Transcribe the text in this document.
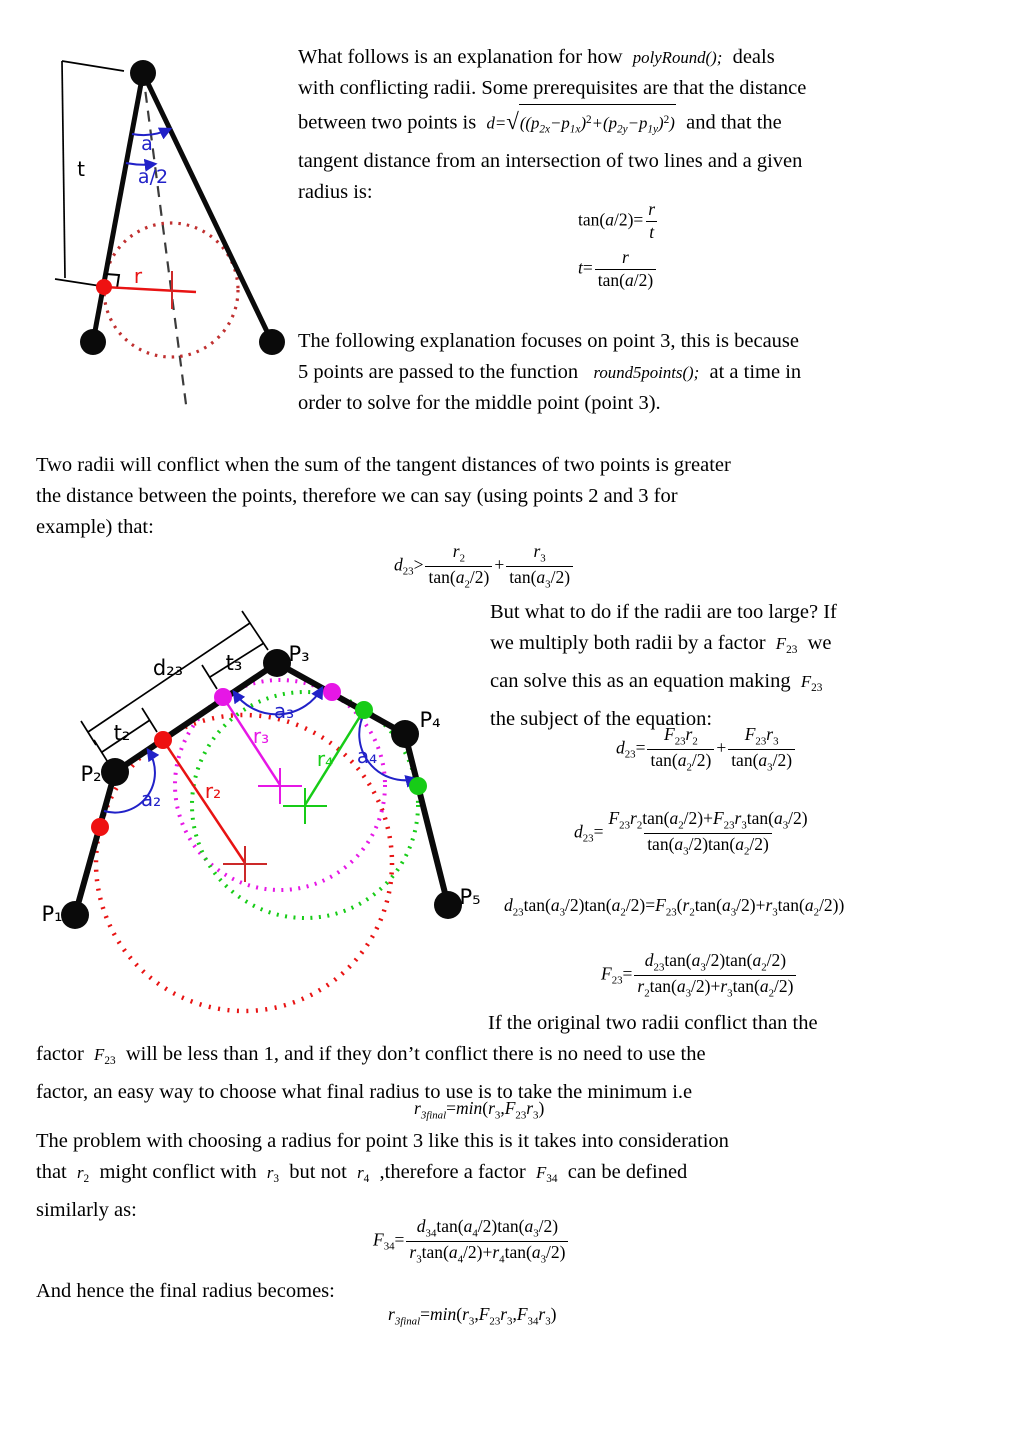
t
a
a/2
r
What follows is an explanation for how  polyRound();  deals
with conflicting radii. Some prerequisites are that the distance
between two points is  $d=√((p2x-p1x)^2+(p2y-p1y)^2)$  and that the
tangent distance from an intersection of two lines and a given
radius is:
$\tan(a/2)= \frac{r}{t}$
$t= \frac{r}{\tan(a/2)}$
The following explanation focuses on point 3, this is because
5 points are passed to the function   round5points();  at a time in
order to solve for the middle point (point 3).
Two radii will conflict when the sum of the tangent distances of two points is greater
the distance between the points, therefore we can say (using points 2 and 3 for
example) that:
$d_{23}> \frac{r_2}{\tan(a_2/2)} + \frac{r_3}{\tan(a_3/2)}$
P₁
P₂
P₃
P₄
P₅
d₂₃ t₃
t₂
a₂
a₃
a₄
r₂
r₃
r₄
But what to do if the radii are too large? If
we multiply both radii by a factor  F23  we
can solve this as an equation making  F23
the subject of the equation:
$d_{23}= \frac{F_{23}r_2}{\tan(a_2/2)} + \frac{F_{23}r_3}{\tan(a_3/2)}$
$d_{23}= \frac{F_{23}r_2\tan(a_2/2)+F_{23}r_3\tan(a_3/2)}{\tan(a_3/2)\tan(a_2/2)}$
$d_{23}\tan(a_3/2)\tan(a_2/2)=F_{23}(r_2\tan(a_3/2)+r_3\tan(a_2/2))$
$F_{23}= \frac{d_{23}\tan(a_3/2)\tan(a_2/2)}{r_2\tan(a_3/2)+r_3\tan(a_2/2)}$
If the original two radii conflict than the
factor  F23  will be less than 1, and if they don’t conflict there is no need to use the
factor, an easy way to choose what final radius to use is to take the minimum i.e
$r_{3final}=\min(r_3,F_{23}r_3)$
The problem with choosing a radius for point 3 like this is it takes into consideration
that  r2  might conflict with  r3  but not  r4  ,therefore a factor  F34  can be defined
similarly as:
$F_{34}= \frac{d_{34}\tan(a_4/2)\tan(a_3/2)}{r_3\tan(a_4/2)+r_4\tan(a_3/2)}$
And hence the final radius becomes:
$r_{3final}=\min(r_3,F_{23}r_3,F_{34}r_3)$
